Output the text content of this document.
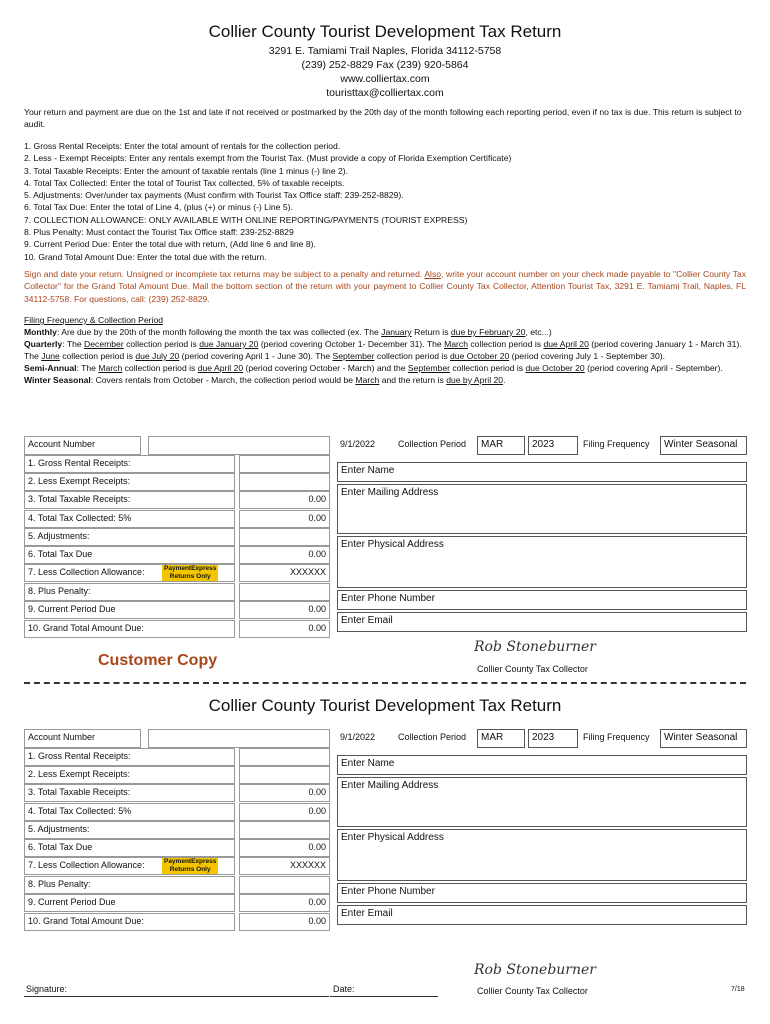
Collier County Tourist Development Tax Return
3291 E. Tamiami Trail Naples, Florida 34112-5758
(239) 252-8829 Fax (239) 920-5864
www.colliertax.com
touristtax@colliertax.com
Your return and payment are due on the 1st and late if not received or postmarked by the 20th day of the month following each reporting period, even if no tax is due. This return is subject to audit.
1. Gross Rental Receipts: Enter the total amount of rentals for the collection period.
2. Less - Exempt Receipts: Enter any rentals exempt from the Tourist Tax. (Must provide a copy of Florida Exemption Certificate)
3. Total Taxable Receipts: Enter the amount of taxable rentals (line 1 minus (-) line 2).
4. Total Tax Collected: Enter the total of Tourist Tax collected, 5% of taxable receipts.
5. Adjustments: Over/under tax payments (Must confirm with Tourist Tax Office staff: 239-252-8829).
6. Total Tax Due: Enter the total of Line 4, (plus (+) or minus (-) Line 5).
7. COLLECTION ALLOWANCE: ONLY AVAILABLE WITH ONLINE REPORTING/PAYMENTS (TOURIST EXPRESS)
8. Plus Penalty: Must contact the Tourist Tax Office staff: 239-252-8829
9. Current Period Due: Enter the total due with return, (Add line 6 and line 8).
10. Grand Total Amount Due: Enter the total due with the return.
Sign and date your return. Unsigned or incomplete tax returns may be subject to a penalty and returned. Also, write your account number on your check made payable to "Collier County Tax Collector" for the Grand Total Amount Due. Mail the bottom section of the return with your payment to Collier County Tax Collector, Attention Tourist Tax, 3291 E. Tamiami Trail, Naples, FL 34112-5758. For questions, call: (239) 252-8829.
Filing Frequency & Collection Period
Monthly: Are due by the 20th of the month following the month the tax was collected (ex. The January Return is due by February 20, etc...)
Quarterly: The December collection period is due January 20 (period covering October 1- December 31). The March collection period is due April 20 (period covering January 1 - March 31). The June collection period is due July 20 (period covering April 1 - June 30). The September collection period is due October 20 (period covering July 1 - September 30).
Semi-Annual: The March collection period is due April 20 (period covering October - March) and the September collection period is due October 20 (period covering April - September).
Winter Seasonal: Covers rentals from October - March, the collection period would be March and the return is due by April 20.
Account Number	9/1/2022	Collection Period	MAR	2023	Filing Frequency	Winter Seasonal
1. Gross Rental Receipts:
2. Less Exempt Receipts:
3. Total Taxable Receipts:	0.00
4. Total Tax Collected: 5%	0.00
5. Adjustments:
6. Total Tax Due	0.00
7. Less Collection Allowance:	XXXXXX
8. Plus Penalty:
9. Current Period Due	0.00
10. Grand Total Amount Due:	0.00
PaymentExpress
Returns Only
Enter Name
Enter Mailing Address
Enter Physical Address
Enter Phone Number
Enter Email
Rob Stoneburner
Collier County Tax Collector
Customer Copy
Collier County Tourist Development Tax Return
Account Number	9/1/2022	Collection Period	MAR	2023	Filing Frequency	Winter Seasonal
1. Gross Rental Receipts:
2. Less Exempt Receipts:
3. Total Taxable Receipts:	0.00
4. Total Tax Collected: 5%	0.00
5. Adjustments:
6. Total Tax Due	0.00
7. Less Collection Allowance:	XXXXXX
8. Plus Penalty:
9. Current Period Due	0.00
10. Grand Total Amount Due:	0.00
PaymentExpress
Returns Only
Enter Name
Enter Mailing Address
Enter Physical Address
Enter Phone Number
Enter Email
Signature:	Date:	7/18
Rob Stoneburner
Collier County Tax Collector
